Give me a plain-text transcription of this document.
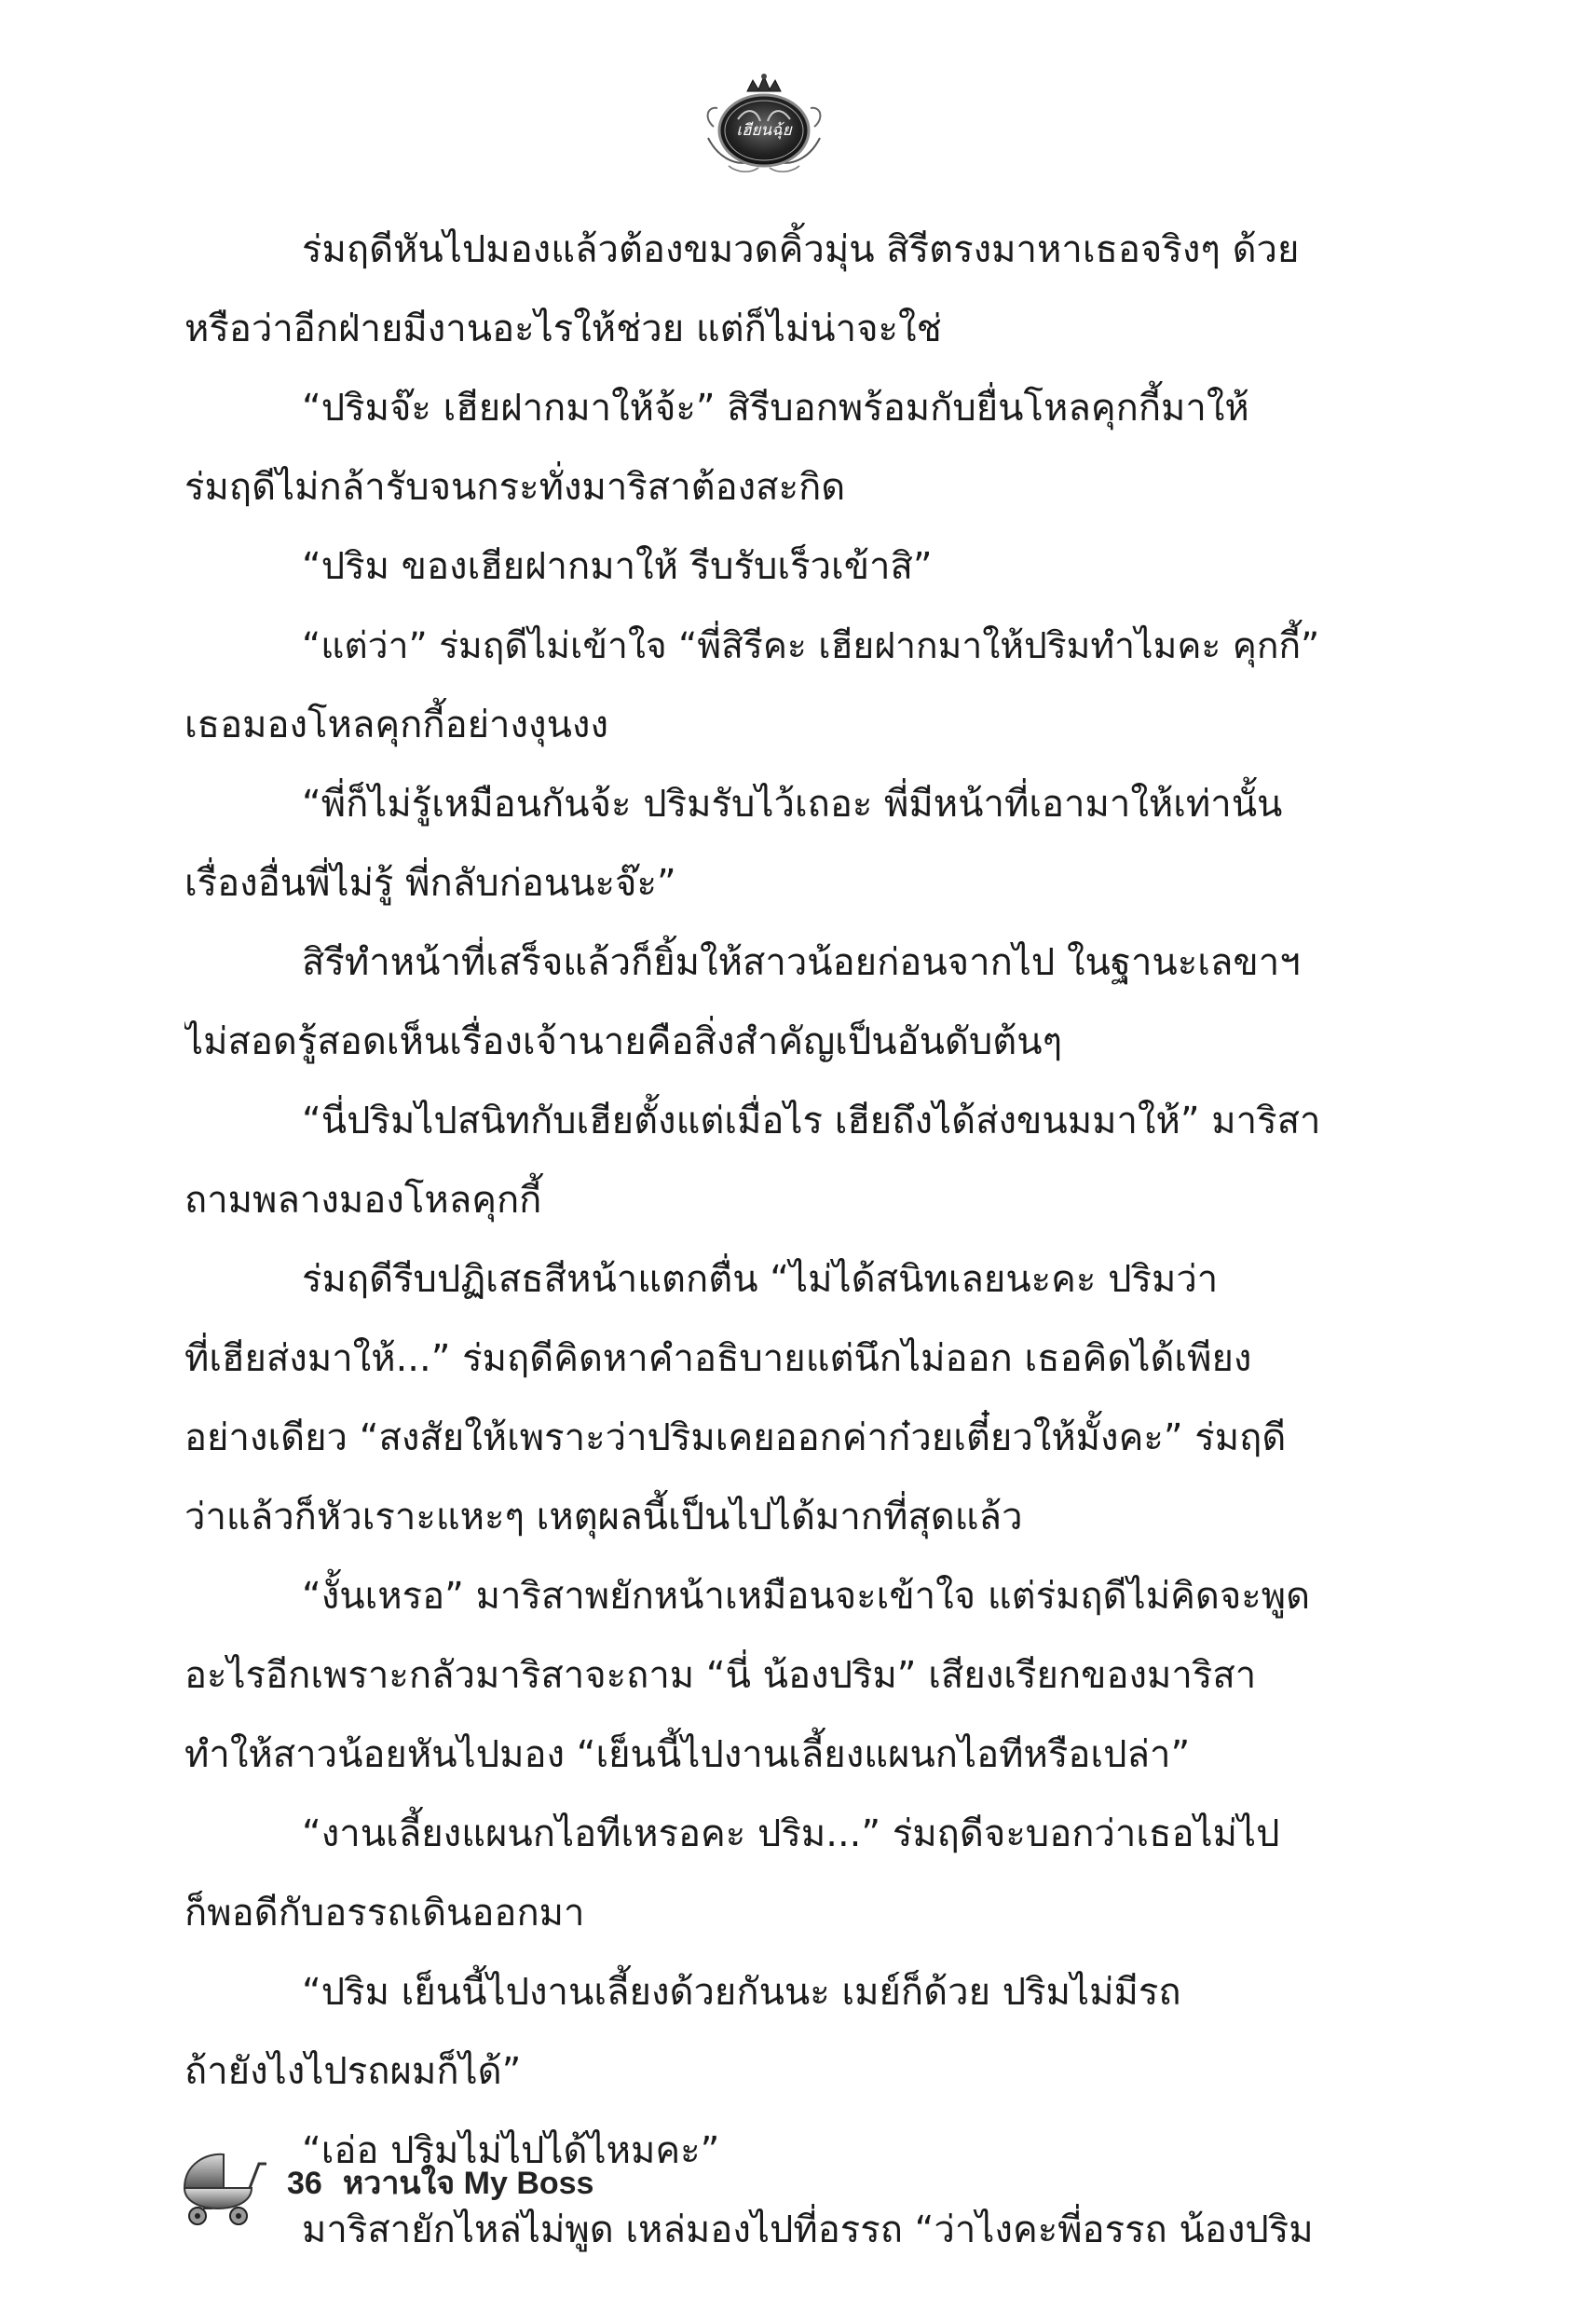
เฮียนฉุ้ย
ร่มฤดีหันไปมองแล้วต้องขมวดคิ้วมุ่น สิรีตรงมาหาเธอจริงๆ ด้วย
หรือว่าอีกฝ่ายมีงานอะไรให้ช่วย แต่ก็ไม่น่าจะใช่
“ปริมจ๊ะ เฮียฝากมาให้จ้ะ” สิรีบอกพร้อมกับยื่นโหลคุกกี้มาให้
ร่มฤดีไม่กล้ารับจนกระทั่งมาริสาต้องสะกิด
“ปริม ของเฮียฝากมาให้ รีบรับเร็วเข้าสิ”
“แต่ว่า” ร่มฤดีไม่เข้าใจ “พี่สิรีคะ เฮียฝากมาให้ปริมทำไมคะ คุกกี้”
เธอมองโหลคุกกี้อย่างงุนงง
“พี่ก็ไม่รู้เหมือนกันจ้ะ ปริมรับไว้เถอะ พี่มีหน้าที่เอามาให้เท่านั้น
เรื่องอื่นพี่ไม่รู้ พี่กลับก่อนนะจ๊ะ”
สิรีทำหน้าที่เสร็จแล้วก็ยิ้มให้สาวน้อยก่อนจากไป ในฐานะเลขาฯ
ไม่สอดรู้สอดเห็นเรื่องเจ้านายคือสิ่งสำคัญเป็นอันดับต้นๆ
“นี่ปริมไปสนิทกับเฮียตั้งแต่เมื่อไร เฮียถึงได้ส่งขนมมาให้” มาริสา
ถามพลางมองโหลคุกกี้
ร่มฤดีรีบปฏิเสธสีหน้าแตกตื่น “ไม่ได้สนิทเลยนะคะ ปริมว่า
ที่เฮียส่งมาให้...” ร่มฤดีคิดหาคำอธิบายแต่นึกไม่ออก เธอคิดได้เพียง
อย่างเดียว “สงสัยให้เพราะว่าปริมเคยออกค่าก๋วยเตี๋ยวให้มั้งคะ” ร่มฤดี
ว่าแล้วก็หัวเราะแหะๆ เหตุผลนี้เป็นไปได้มากที่สุดแล้ว
“งั้นเหรอ” มาริสาพยักหน้าเหมือนจะเข้าใจ แต่ร่มฤดีไม่คิดจะพูด
อะไรอีกเพราะกลัวมาริสาจะถาม “นี่ น้องปริม” เสียงเรียกของมาริสา
ทำให้สาวน้อยหันไปมอง “เย็นนี้ไปงานเลี้ยงแผนกไอทีหรือเปล่า”
“งานเลี้ยงแผนกไอทีเหรอคะ ปริม...” ร่มฤดีจะบอกว่าเธอไม่ไป
ก็พอดีกับอรรถเดินออกมา
“ปริม เย็นนี้ไปงานเลี้ยงด้วยกันนะ เมย์ก็ด้วย ปริมไม่มีรถ
ถ้ายังไงไปรถผมก็ได้”
“เอ่อ ปริมไม่ไปได้ไหมคะ”
มาริสายักไหล่ไม่พูด เหล่มองไปที่อรรถ “ว่าไงคะพี่อรรถ น้องปริม
36 หวานใจ My Boss
